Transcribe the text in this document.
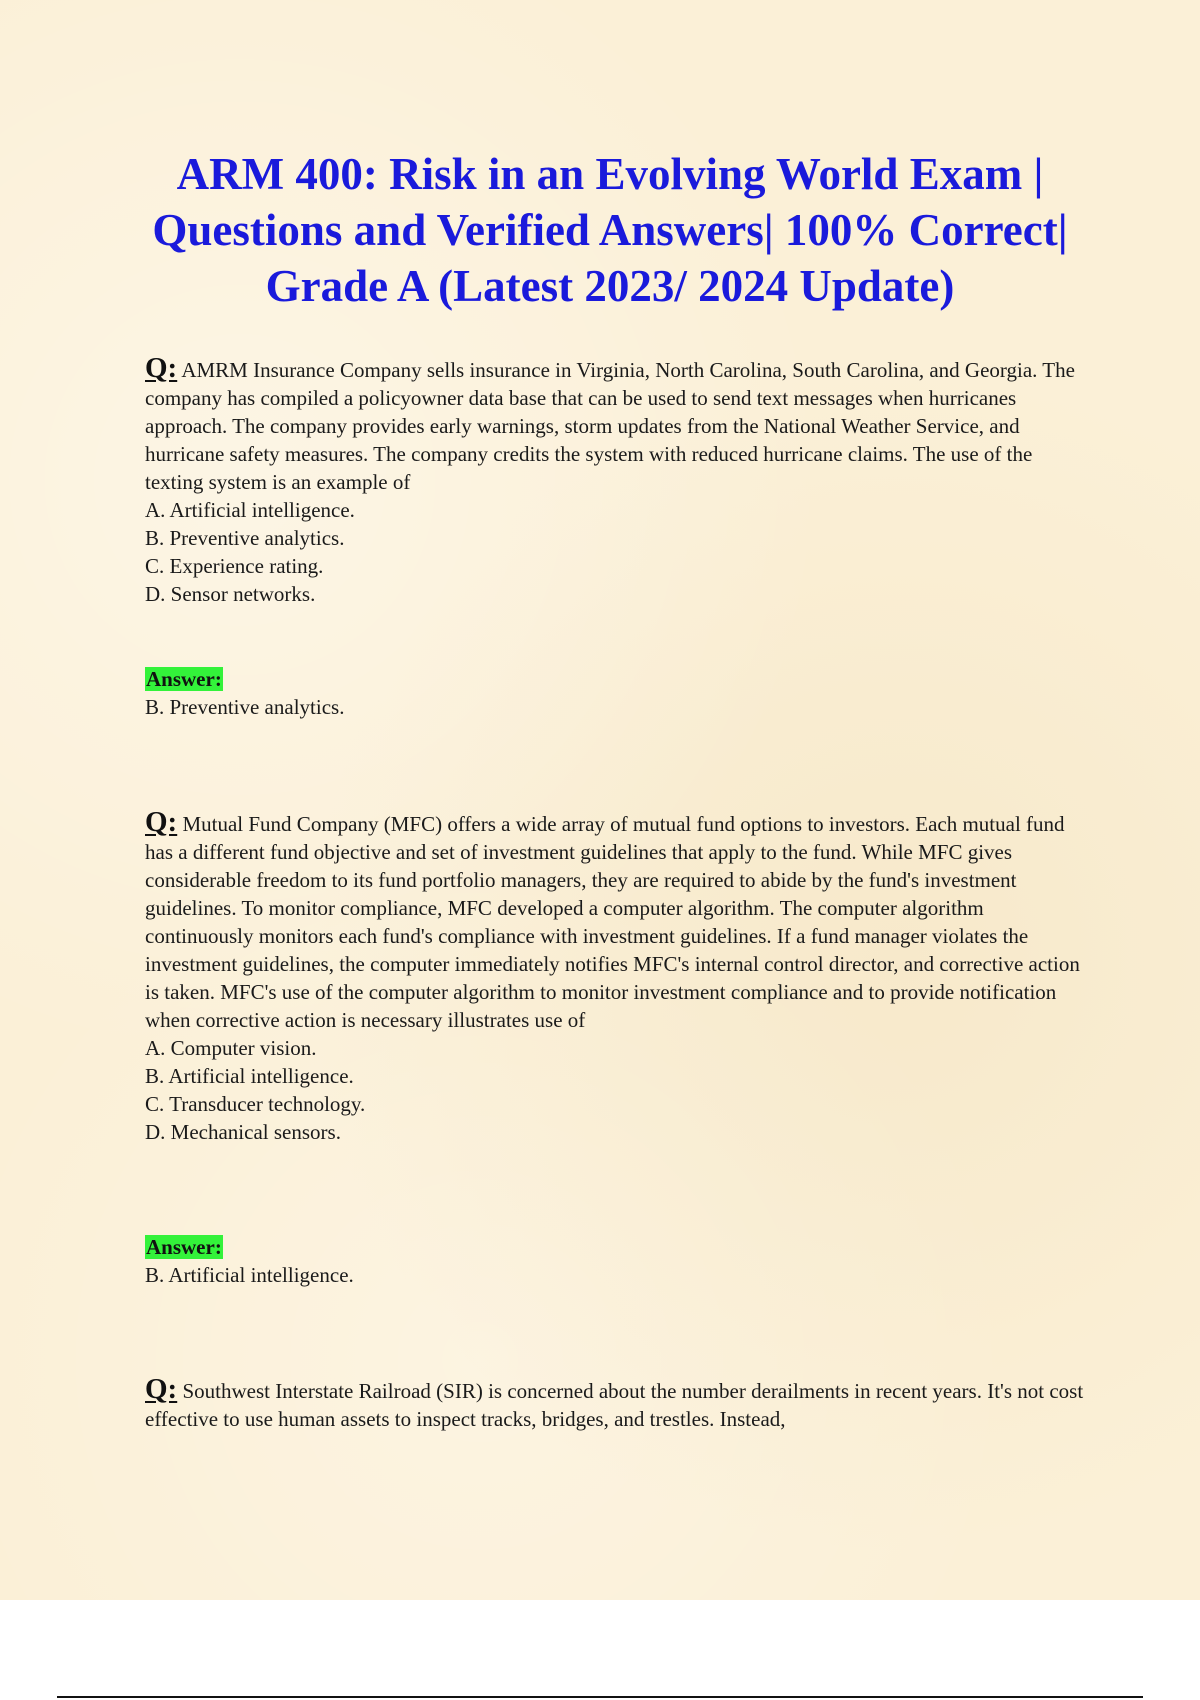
ARM 400: Risk in an Evolving World Exam | Questions and Verified Answers| 100% Correct| Grade A (Latest 2023/ 2024 Update)
Q: AMRM Insurance Company sells insurance in Virginia, North Carolina, South Carolina, and Georgia. The company has compiled a policyowner data base that can be used to send text messages when hurricanes approach. The company provides early warnings, storm updates from the National Weather Service, and hurricane safety measures. The company credits the system with reduced hurricane claims. The use of the texting system is an example of
A. Artificial intelligence.
B. Preventive analytics.
C. Experience rating.
D. Sensor networks.
Answer:
B. Preventive analytics.
Q: Mutual Fund Company (MFC) offers a wide array of mutual fund options to investors. Each mutual fund has a different fund objective and set of investment guidelines that apply to the fund. While MFC gives considerable freedom to its fund portfolio managers, they are required to abide by the fund's investment guidelines. To monitor compliance, MFC developed a computer algorithm. The computer algorithm continuously monitors each fund's compliance with investment guidelines. If a fund manager violates the investment guidelines, the computer immediately notifies MFC's internal control director, and corrective action is taken. MFC's use of the computer algorithm to monitor investment compliance and to provide notification when corrective action is necessary illustrates use of
A. Computer vision.
B. Artificial intelligence.
C. Transducer technology.
D. Mechanical sensors.
Answer:
B. Artificial intelligence.
Q: Southwest Interstate Railroad (SIR) is concerned about the number derailments in recent years. It's not cost effective to use human assets to inspect tracks, bridges, and trestles. Instead,
